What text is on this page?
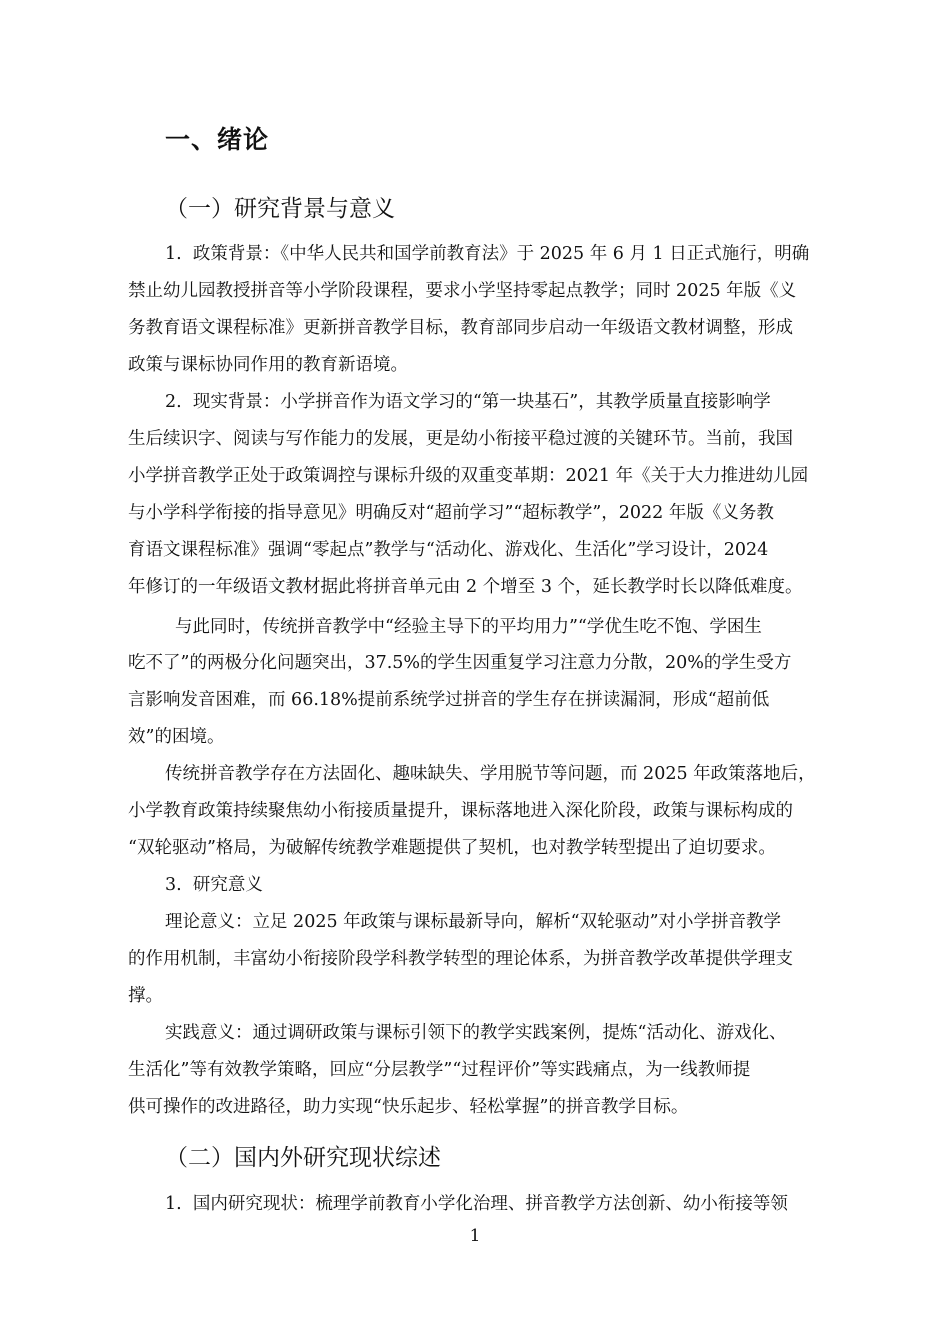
一、绪论
（一）研究背景与意义
1.  政策背景：《中华人民共和国学前教育法》于 2025 年 6 月 1 日正式施行，明确
禁止幼儿园教授拼音等小学阶段课程，要求小学坚持零起点教学；同时 2025 年版《义
务教育语文课程标准》更新拼音教学目标，教育部同步启动一年级语文教材调整，形成
政策与课标协同作用的教育新语境。
2.  现实背景：小学拼音作为语文学习的“第一块基石”，其教学质量直接影响学
生后续识字、阅读与写作能力的发展，更是幼小衔接平稳过渡的关键环节。当前，我国
小学拼音教学正处于政策调控与课标升级的双重变革期：2021 年《关于大力推进幼儿园
与小学科学衔接的指导意见》明确反对“超前学习”“超标教学”，2022 年版《义务教
育语文课程标准》强调“零起点”教学与“活动化、游戏化、生活化”学习设计，2024
年修订的一年级语文教材据此将拼音单元由 2 个增至 3 个，延长教学时长以降低难度。
与此同时，传统拼音教学中“经验主导下的平均用力”“学优生吃不饱、学困生
吃不了”的两极分化问题突出，37.5%的学生因重复学习注意力分散，20%的学生受方
言影响发音困难，而 66.18%提前系统学过拼音的学生存在拼读漏洞，形成“超前低
效”的困境。
传统拼音教学存在方法固化、趣味缺失、学用脱节等问题，而 2025 年政策落地后，
小学教育政策持续聚焦幼小衔接质量提升，课标落地进入深化阶段，政策与课标构成的
“双轮驱动”格局，为破解传统教学难题提供了契机，也对教学转型提出了迫切要求。
3.  研究意义
理论意义：立足 2025 年政策与课标最新导向，解析“双轮驱动”对小学拼音教学
的作用机制，丰富幼小衔接阶段学科教学转型的理论体系，为拼音教学改革提供学理支
撑。
实践意义：通过调研政策与课标引领下的教学实践案例，提炼“活动化、游戏化、
生活化”等有效教学策略，回应“分层教学”“过程评价”等实践痛点，为一线教师提
供可操作的改进路径，助力实现“快乐起步、轻松掌握”的拼音教学目标。
（二）国内外研究现状综述
1.  国内研究现状：梳理学前教育小学化治理、拼音教学方法创新、幼小衔接等领
1
